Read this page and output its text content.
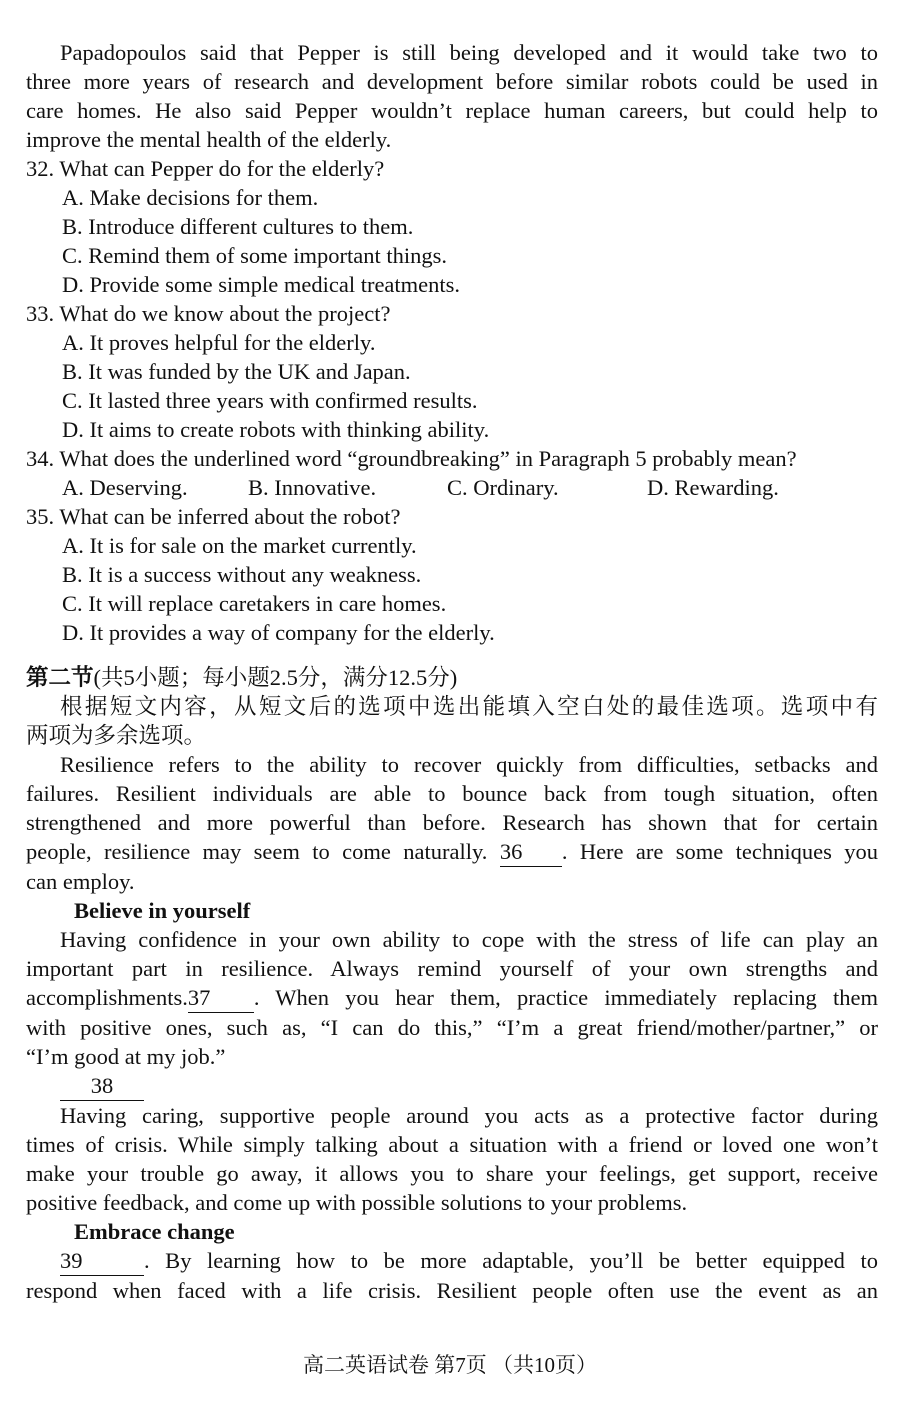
Papadopoulos said that Pepper is still being developed and it would take two to
three more years of research and development before similar robots could be used in
care homes. He also said Pepper wouldn’t replace human careers, but could help to
improve the mental health of the elderly.
32. What can Pepper do for the elderly?
A. Make decisions for them.
B. Introduce different cultures to them.
C. Remind them of some important things.
D. Provide some simple medical treatments.
33. What do we know about the project?
A. It proves helpful for the elderly.
B. It was funded by the UK and Japan.
C. It lasted three years with confirmed results.
D. It aims to create robots with thinking ability.
34. What does the underlined word “groundbreaking” in Paragraph 5 probably mean?
A. Deserving.	B. Innovative.	C. Ordinary.	D. Rewarding.
35. What can be inferred about the robot?
A. It is for sale on the market currently.
B. It is a success without any weakness.
C. It will replace caretakers in care homes.
D. It provides a way of company for the elderly.
第二节(共5小题；每小题2.5分，满分12.5分)
根据短文内容，从短文后的选项中选出能填入空白处的最佳选项。选项中有
两项为多余选项。
Resilience refers to the ability to recover quickly from difficulties, setbacks and
failures. Resilient individuals are able to bounce back from tough situation, often
strengthened and more powerful than before. Research has shown that for certain
people, resilience may seem to come naturally. 36 . Here are some techniques you
can employ.
Believe in yourself
Having confidence in your own ability to cope with the stress of life can play an
important part in resilience. Always remind yourself of your own strengths and
accomplishments.37 . When you hear them, practice immediately replacing them
with positive ones, such as, “I can do this,” “I’m a great friend/mother/partner,” or
“I’m good at my job.”
38
Having caring, supportive people around you acts as a protective factor during
times of crisis. While simply talking about a situation with a friend or loved one won’t
make your trouble go away, it allows you to share your feelings, get support, receive
positive feedback, and come up with possible solutions to your problems.
Embrace change
39	. By learning how to be more adaptable, you’ll be better equipped to
respond when faced with a life crisis. Resilient people often use the event as an
高二英语试卷 第7页 （共10页）
